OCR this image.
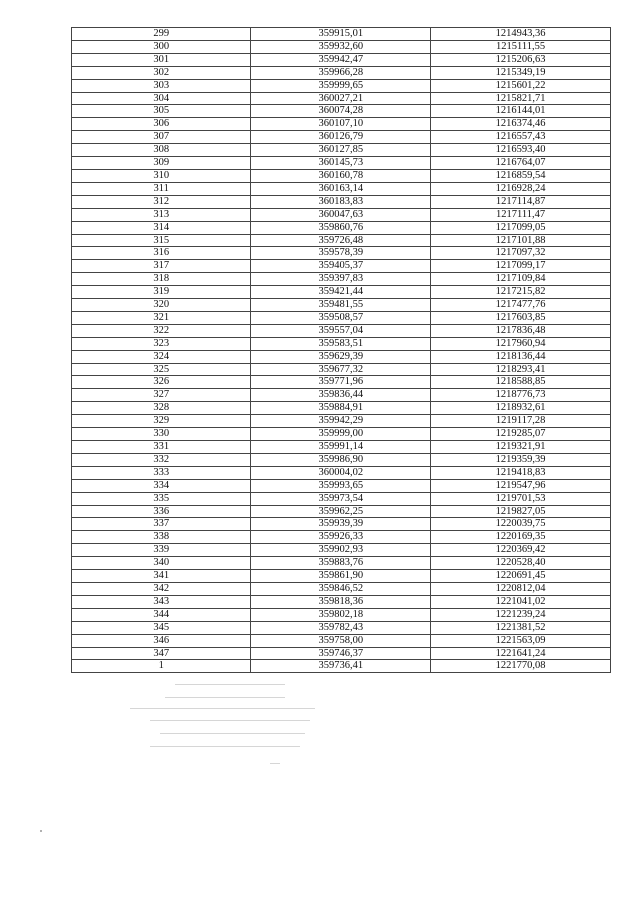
299	359915,01	1214943,36
300	359932,60	1215111,55
301	359942,47	1215206,63
302	359966,28	1215349,19
303	359999,65	1215601,22
304	360027,21	1215821,71
305	360074,28	1216144,01
306	360107,10	1216374,46
307	360126,79	1216557,43
308	360127,85	1216593,40
309	360145,73	1216764,07
310	360160,78	1216859,54
311	360163,14	1216928,24
312	360183,83	1217114,87
313	360047,63	1217111,47
314	359860,76	1217099,05
315	359726,48	1217101,88
316	359578,39	1217097,32
317	359405,37	1217099,17
318	359397,83	1217109,84
319	359421,44	1217215,82
320	359481,55	1217477,76
321	359508,57	1217603,85
322	359557,04	1217836,48
323	359583,51	1217960,94
324	359629,39	1218136,44
325	359677,32	1218293,41
326	359771,96	1218588,85
327	359836,44	1218776,73
328	359884,91	1218932,61
329	359942,29	1219117,28
330	359999,00	1219285,07
331	359991,14	1219321,91
332	359986,90	1219359,39
333	360004,02	1219418,83
334	359993,65	1219547,96
335	359973,54	1219701,53
336	359962,25	1219827,05
337	359939,39	1220039,75
338	359926,33	1220169,35
339	359902,93	1220369,42
340	359883,76	1220528,40
341	359861,90	1220691,45
342	359846,52	1220812,04
343	359818,36	1221041,02
344	359802,18	1221239,24
345	359782,43	1221381,52
346	359758,00	1221563,09
347	359746,37	1221641,24
1	359736,41	1221770,08
